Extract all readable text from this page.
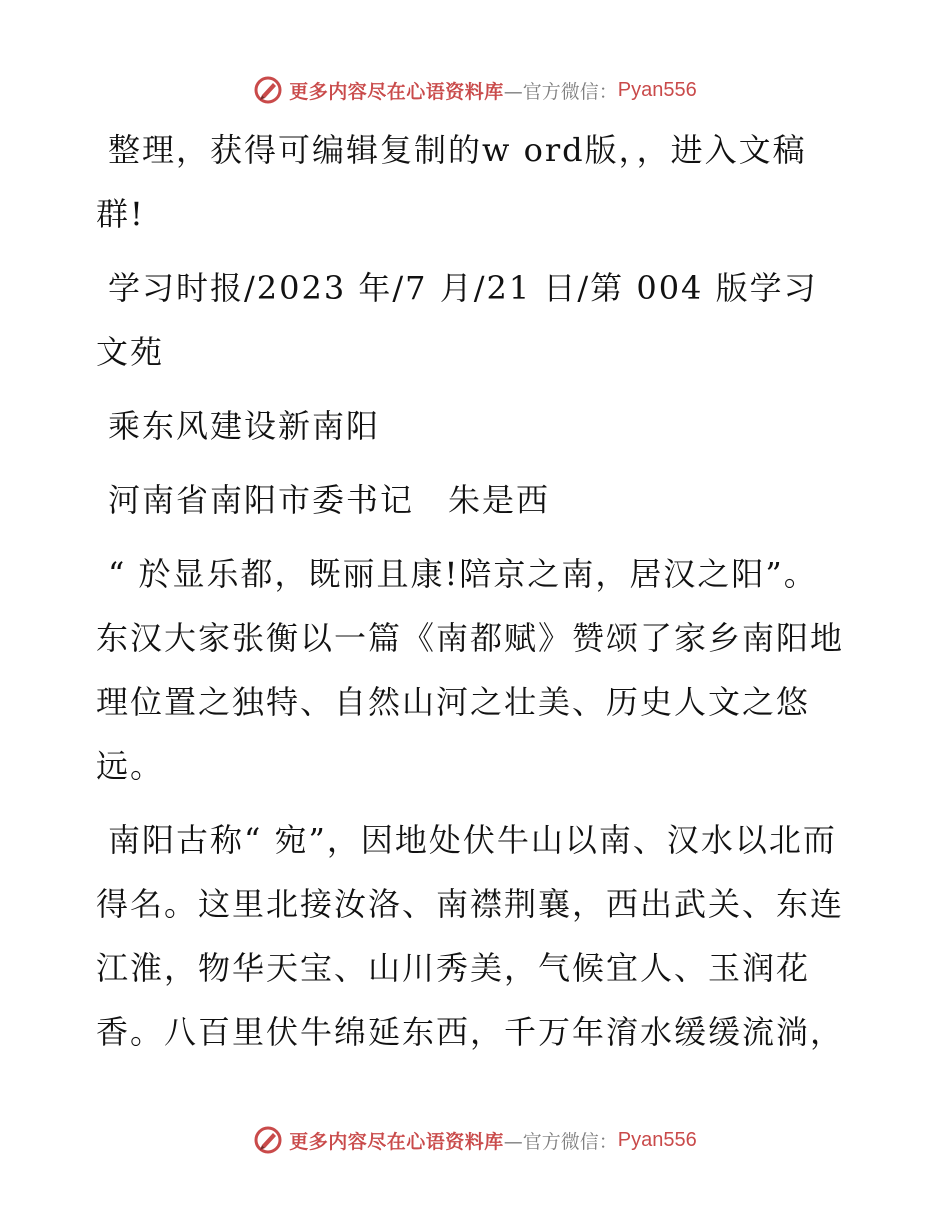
更多内容尽在心语资料库 —官方微信： Pyan556

整理，获得可编辑复制的w ord版，，进入文稿群!

学习时报/2023 年/7 月/21 日/第 004 版学习文苑

乘东风建设新南阳

河南省南阳市委书记　朱是西

“ 於显乐都，既丽且康!陪京之南，居汉之阳”。东汉大家张衡以一篇《南都赋》赞颂了家乡南阳地理位置之独特、自然山河之壮美、历史人文之悠远。

南阳古称“ 宛”，因地处伏牛山以南、汉水以北而得名。这里北接汝洛、南襟荆襄，西出武关、东连江淮，物华天宝、山川秀美，气候宜人、玉润花香。八百里伏牛绵延东西，千万年淯水缓缓流淌，

更多内容尽在心语资料库 —官方微信： Pyan556
